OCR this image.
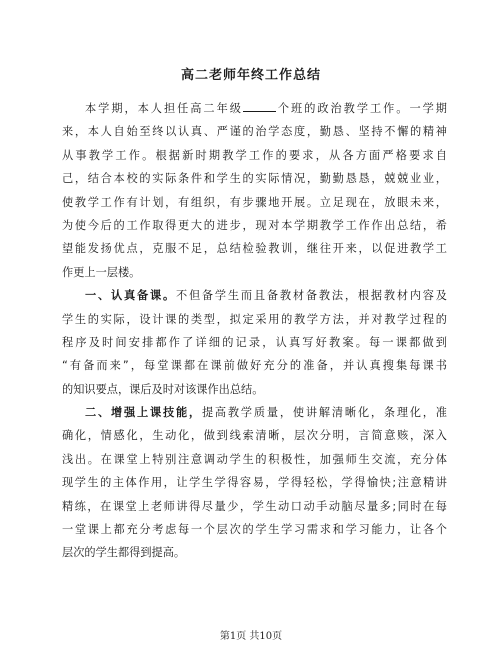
高二老师年终工作总结
本学期，本人担任高二年级	个班的政治教学工作。一学期
来，本人自始至终以认真、严谨的治学态度，勤恳、坚持不懈的精神
从事教学工作。根据新时期教学工作的要求，从各方面严格要求自
己，结合本校的实际条件和学生的实际情况，勤勤恳恳，兢兢业业，
使教学工作有计划，有组织，有步骤地开展。立足现在，放眼未来，
为使今后的工作取得更大的进步，现对本学期教学工作作出总结，希
望能发扬优点，克服不足，总结检验教训，继往开来，以促进教学工
作更上一层楼。
一、认真备课。不但备学生而且备教材备教法，根据教材内容及
学生的实际，设计课的类型，拟定采用的教学方法，并对教学过程的
程序及时间安排都作了详细的记录，认真写好教案。每一课都做到
“有备而来”，每堂课都在课前做好充分的准备，并认真搜集每课书
的知识要点，课后及时对该课作出总结。
二、增强上课技能，提高教学质量，使讲解清晰化，条理化，准
确化，情感化，生动化，做到线索清晰，层次分明，言简意赅，深入
浅出。在课堂上特别注意调动学生的积极性，加强师生交流，充分体
现学生的主体作用，让学生学得容易，学得轻松，学得愉快;注意精讲
精练，在课堂上老师讲得尽量少，学生动口动手动脑尽量多;同时在每
一堂课上都充分考虑每一个层次的学生学习需求和学习能力，让各个
层次的学生都得到提高。
第1页 共10页
